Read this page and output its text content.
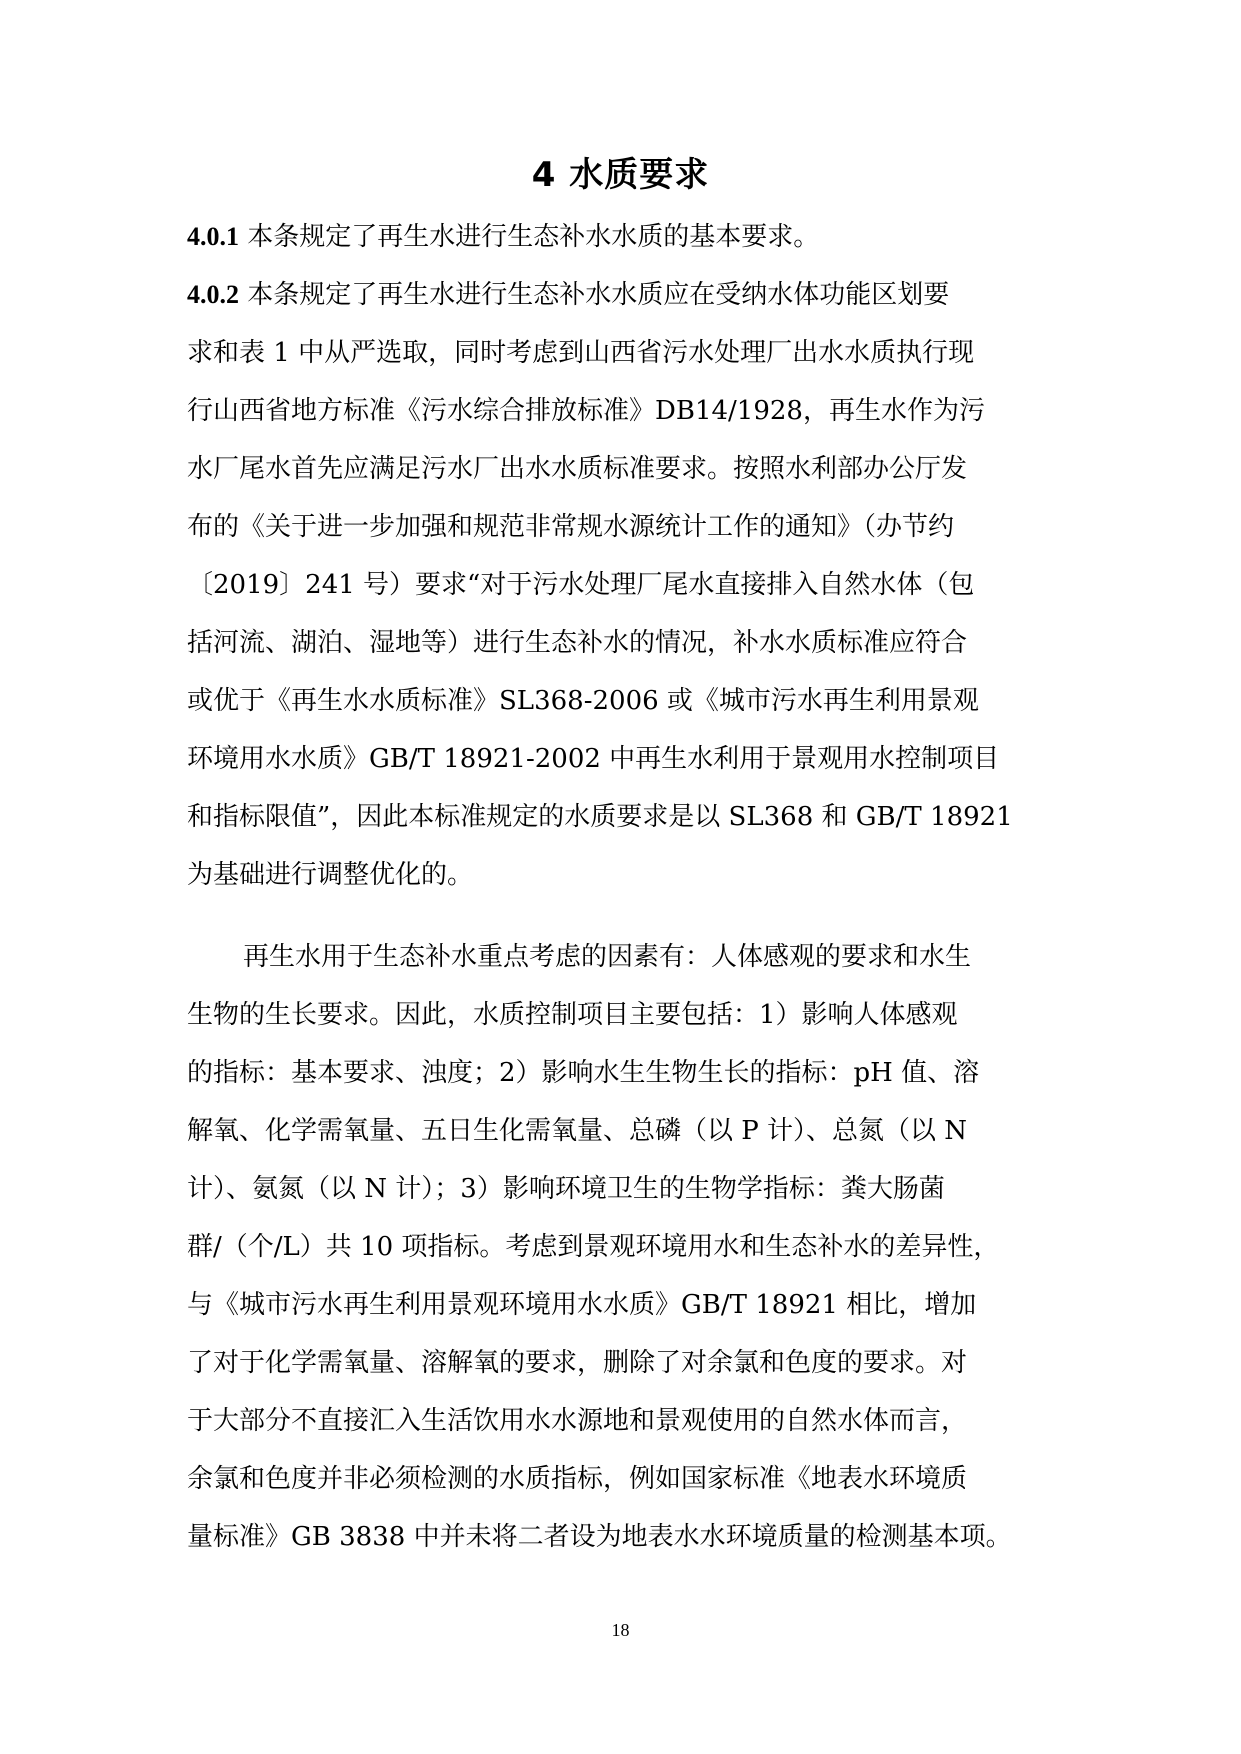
4 水质要求
4.0.1 本条规定了再生水进行生态补水水质的基本要求。
4.0.2 本条规定了再生水进行生态补水水质应在受纳水体功能区划要
求和表 1 中从严选取，同时考虑到山西省污水处理厂出水水质执行现
行山西省地方标准《污水综合排放标准》DB14/1928，再生水作为污
水厂尾水首先应满足污水厂出水水质标准要求。按照水利部办公厅发
布的《关于进一步加强和规范非常规水源统计工作的通知》（办节约
〔2019〕241 号）要求“对于污水处理厂尾水直接排入自然水体（包
括河流、湖泊、湿地等）进行生态补水的情况，补水水质标准应符合
或优于《再生水水质标准》SL368-2006 或《城市污水再生利用景观
环境用水水质》GB/T 18921-2002 中再生水利用于景观用水控制项目
和指标限值”，因此本标准规定的水质要求是以 SL368 和 GB/T 18921
为基础进行调整优化的。
再生水用于生态补水重点考虑的因素有：人体感观的要求和水生
生物的生长要求。因此，水质控制项目主要包括：1）影响人体感观
的指标：基本要求、浊度；2）影响水生生物生长的指标：pH 值、溶
解氧、化学需氧量、五日生化需氧量、总磷（以 P 计）、总氮（以 N
计）、氨氮（以 N 计）；3）影响环境卫生的生物学指标：粪大肠菌
群/（个/L）共 10 项指标。考虑到景观环境用水和生态补水的差异性，
与《城市污水再生利用景观环境用水水质》GB/T 18921 相比，增加
了对于化学需氧量、溶解氧的要求，删除了对余氯和色度的要求。对
于大部分不直接汇入生活饮用水水源地和景观使用的自然水体而言，
余氯和色度并非必须检测的水质指标，例如国家标准《地表水环境质
量标准》GB 3838 中并未将二者设为地表水水环境质量的检测基本项。
18
